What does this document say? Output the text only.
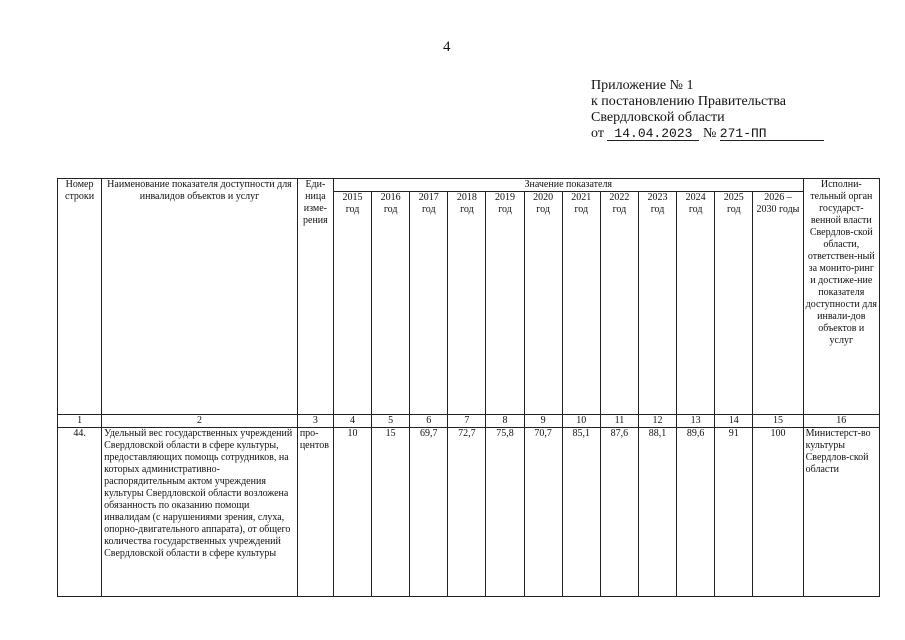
4
Приложение № 1
к постановлению Правительства
Свердловской области
от 14.04.2023 № 271-ПП
Номер строки	Наименование показателя доступности для инвалидов объектов и услуг	Еди-ница изме-рения	Значение показателя												Исполни-тельный орган государст-венной власти Свердлов-ской области, ответствен-ный за монито-ринг и достиже-ние показателя доступности для инвали-дов объектов и услуг
			2015 год	2016 год	2017 год	2018 год	2019 год	2020 год	2021 год	2022 год	2023 год	2024 год	2025 год	2026 – 2030 годы	
1	2	3	4	5	6	7	8	9	10	11	12	13	14	15	16
44.	Удельный вес государственных учреждений Свердловской области в сфере культуры, предоставляющих помощь сотрудников, на которых административно-распорядительным актом учреждения культуры Свердловской области возложена обязанность по оказанию помощи инвалидам (с нарушениями зрения, слуха, опорно-двигательного аппарата), от общего количества государственных учреждений Свердловской области в сфере культуры	про-центов	10	15	69,7	72,7	75,8	70,7	85,1	87,6	88,1	89,6	91	100	Министерст-во культуры Свердлов-ской области
